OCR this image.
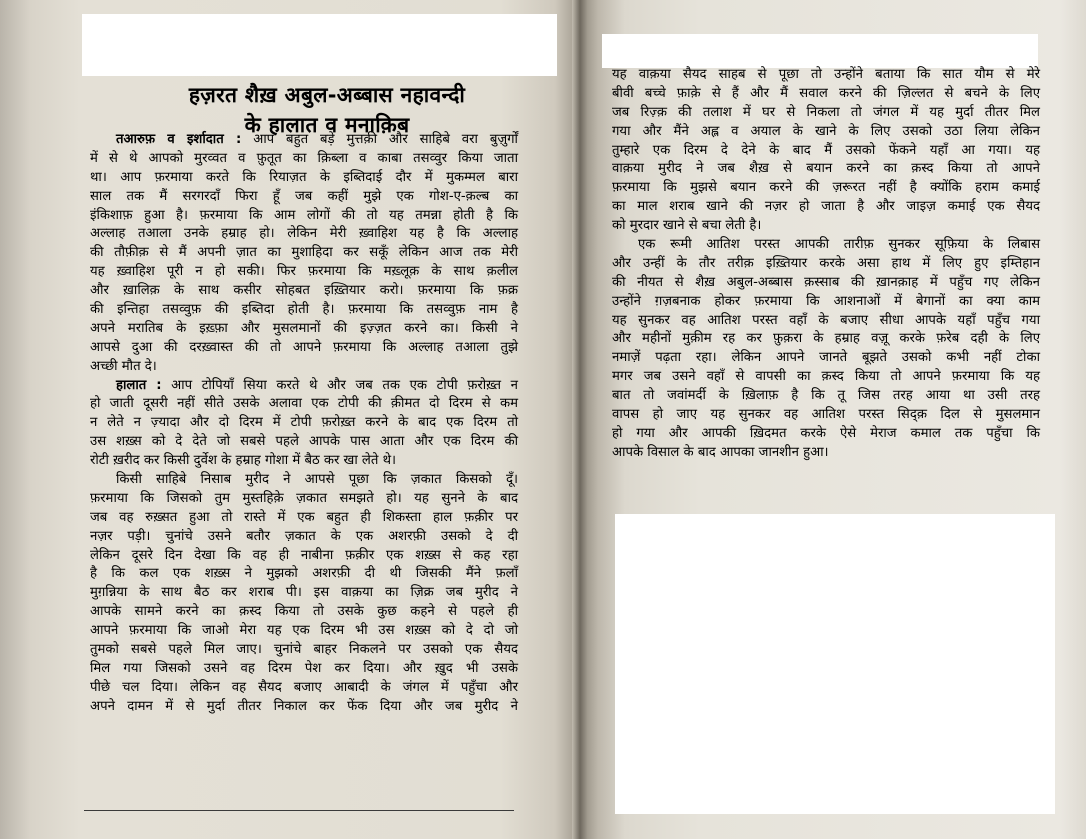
हज़रत शैख़ अबुल-अब्बास नहावन्दी
के हालात व मनाक़िब
तआरुफ़ व इर्शादात : आप बहुत बड़े मुत्तक़ी और साहिबे वरा बुज़ुर्गों
में से थे आपको मुरव्वत व फ़ुतूत का क़िब्ला व काबा तसव्वुर किया जाता
था। आप फ़रमाया करते कि रियाज़त के इब्तिदाई दौर में मुकम्मल बारा
साल तक मैं सरगरदाँ फिरा हूँ जब कहीं मुझे एक गोश-ए-क़ल्ब का
इंकिशाफ़ हुआ है। फ़रमाया कि आम लोगों की तो यह तमन्ना होती है कि
अल्लाह तआला उनके हम्राह हो। लेकिन मेरी ख़्वाहिश यह है कि अल्लाह
की तौफ़ीक़ से मैं अपनी ज़ात का मुशाहिदा कर सकूँ लेकिन आज तक मेरी
यह ख़्वाहिश पूरी न हो सकी। फिर फ़रमाया कि मख़्लूक़ के साथ क़लील
और ख़ालिक़ के साथ कसीर सोहबत इख़्तियार करो। फ़रमाया कि फ़क्र
की इन्तिहा तसव्वुफ़ की इब्तिदा होती है। फ़रमाया कि तसव्वुफ़ नाम है
अपने मरातिब के इख़्फ़ा और मुसलमानों की इज़्ज़त करने का। किसी ने
आपसे दुआ की दरख़्वास्त की तो आपने फ़रमाया कि अल्लाह तआला तुझे
अच्छी मौत दे।
हालात : आप टोपियाँ सिया करते थे और जब तक एक टोपी फ़रोख़्त न
हो जाती दूसरी नहीं सीते उसके अलावा एक टोपी की क़ीमत दो दिरम से कम
न लेते न ज़्यादा और दो दिरम में टोपी फ़रोख़्त करने के बाद एक दिरम तो
उस शख़्स को दे देते जो सबसे पहले आपके पास आता और एक दिरम की
रोटी ख़रीद कर किसी दुर्वेश के हम्राह गोशा में बैठ कर खा लेते थे।
किसी साहिबे निसाब मुरीद ने आपसे पूछा कि ज़कात किसको दूँ।
फ़रमाया कि जिसको तुम मुस्तहिक़े ज़कात समझते हो। यह सुनने के बाद
जब वह रुख़्सत हुआ तो रास्ते में एक बहुत ही शिकस्ता हाल फ़क़ीर पर
नज़र पड़ी। चुनांचे उसने बतौर ज़कात के एक अशरफ़ी उसको दे दी
लेकिन दूसरे दिन देखा कि वह ही नाबीना फ़क़ीर एक शख़्स से कह रहा
है कि कल एक शख़्स ने मुझको अशरफ़ी दी थी जिसकी मैंने फ़लाँ
मुग़न्निया के साथ बैठ कर शराब पी। इस वाक़या का ज़िक्र जब मुरीद ने
आपके सामने करने का क़स्द किया तो उसके कुछ कहने से पहले ही
आपने फ़रमाया कि जाओ मेरा यह एक दिरम भी उस शख़्स को दे दो जो
तुमको सबसे पहले मिल जाए। चुनांचे बाहर निकलने पर उसको एक सैयद
मिल गया जिसको उसने वह दिरम पेश कर दिया। और ख़ुद भी उसके
पीछे चल दिया। लेकिन वह सैयद बजाए आबादी के जंगल में पहुँचा और
अपने दामन में से मुर्दा तीतर निकाल कर फेंक दिया और जब मुरीद ने
यह वाक़या सैयद साहब से पूछा तो उन्होंने बताया कि सात यौम से मेरे
बीवी बच्चे फ़ाक़े से हैं और मैं सवाल करने की ज़िल्लत से बचने के लिए
जब रिज़्क़ की तलाश में घर से निकला तो जंगल में यह मुर्दा तीतर मिल
गया और मैंने अह्ल व अयाल के खाने के लिए उसको उठा लिया लेकिन
तुम्हारे एक दिरम दे देने के बाद मैं उसको फेंकने यहाँ आ गया। यह
वाक़या मुरीद ने जब शैख़ से बयान करने का क़स्द किया तो आपने
फ़रमाया कि मुझसे बयान करने की ज़रूरत नहीं है क्योंकि हराम कमाई
का माल शराब खाने की नज़र हो जाता है और जाइज़ कमाई एक सैयद
को मुरदार खाने से बचा लेती है।
एक रूमी आतिश परस्त आपकी तारीफ़ सुनकर सूफ़िया के लिबास
और उन्हीं के तौर तरीक़ इख़्तियार करके असा हाथ में लिए हुए इम्तिहान
की नीयत से शैख़ अबुल-अब्बास क़स्साब की ख़ानक़ाह में पहुँच गए लेकिन
उन्होंने ग़ज़बनाक होकर फ़रमाया कि आशनाओं में बेगानों का क्या काम
यह सुनकर वह आतिश परस्त वहाँ के बजाए सीधा आपके यहाँ पहुँच गया
और महीनों मुक़ीम रह कर फ़ुक़रा के हम्राह वज़ू करके फ़रेब दही के लिए
नमाज़ें पढ़ता रहा। लेकिन आपने जानते बूझते उसको कभी नहीं टोका
मगर जब उसने वहाँ से वापसी का क़स्द किया तो आपने फ़रमाया कि यह
बात तो जवांमर्दी के ख़िलाफ़ है कि तू जिस तरह आया था उसी तरह
वापस हो जाए यह सुनकर वह आतिश परस्त सिद्क़ दिल से मुसलमान
हो गया और आपकी ख़िदमत करके ऐसे मेराज कमाल तक पहुँचा कि
आपके विसाल के बाद आपका जानशीन हुआ।
